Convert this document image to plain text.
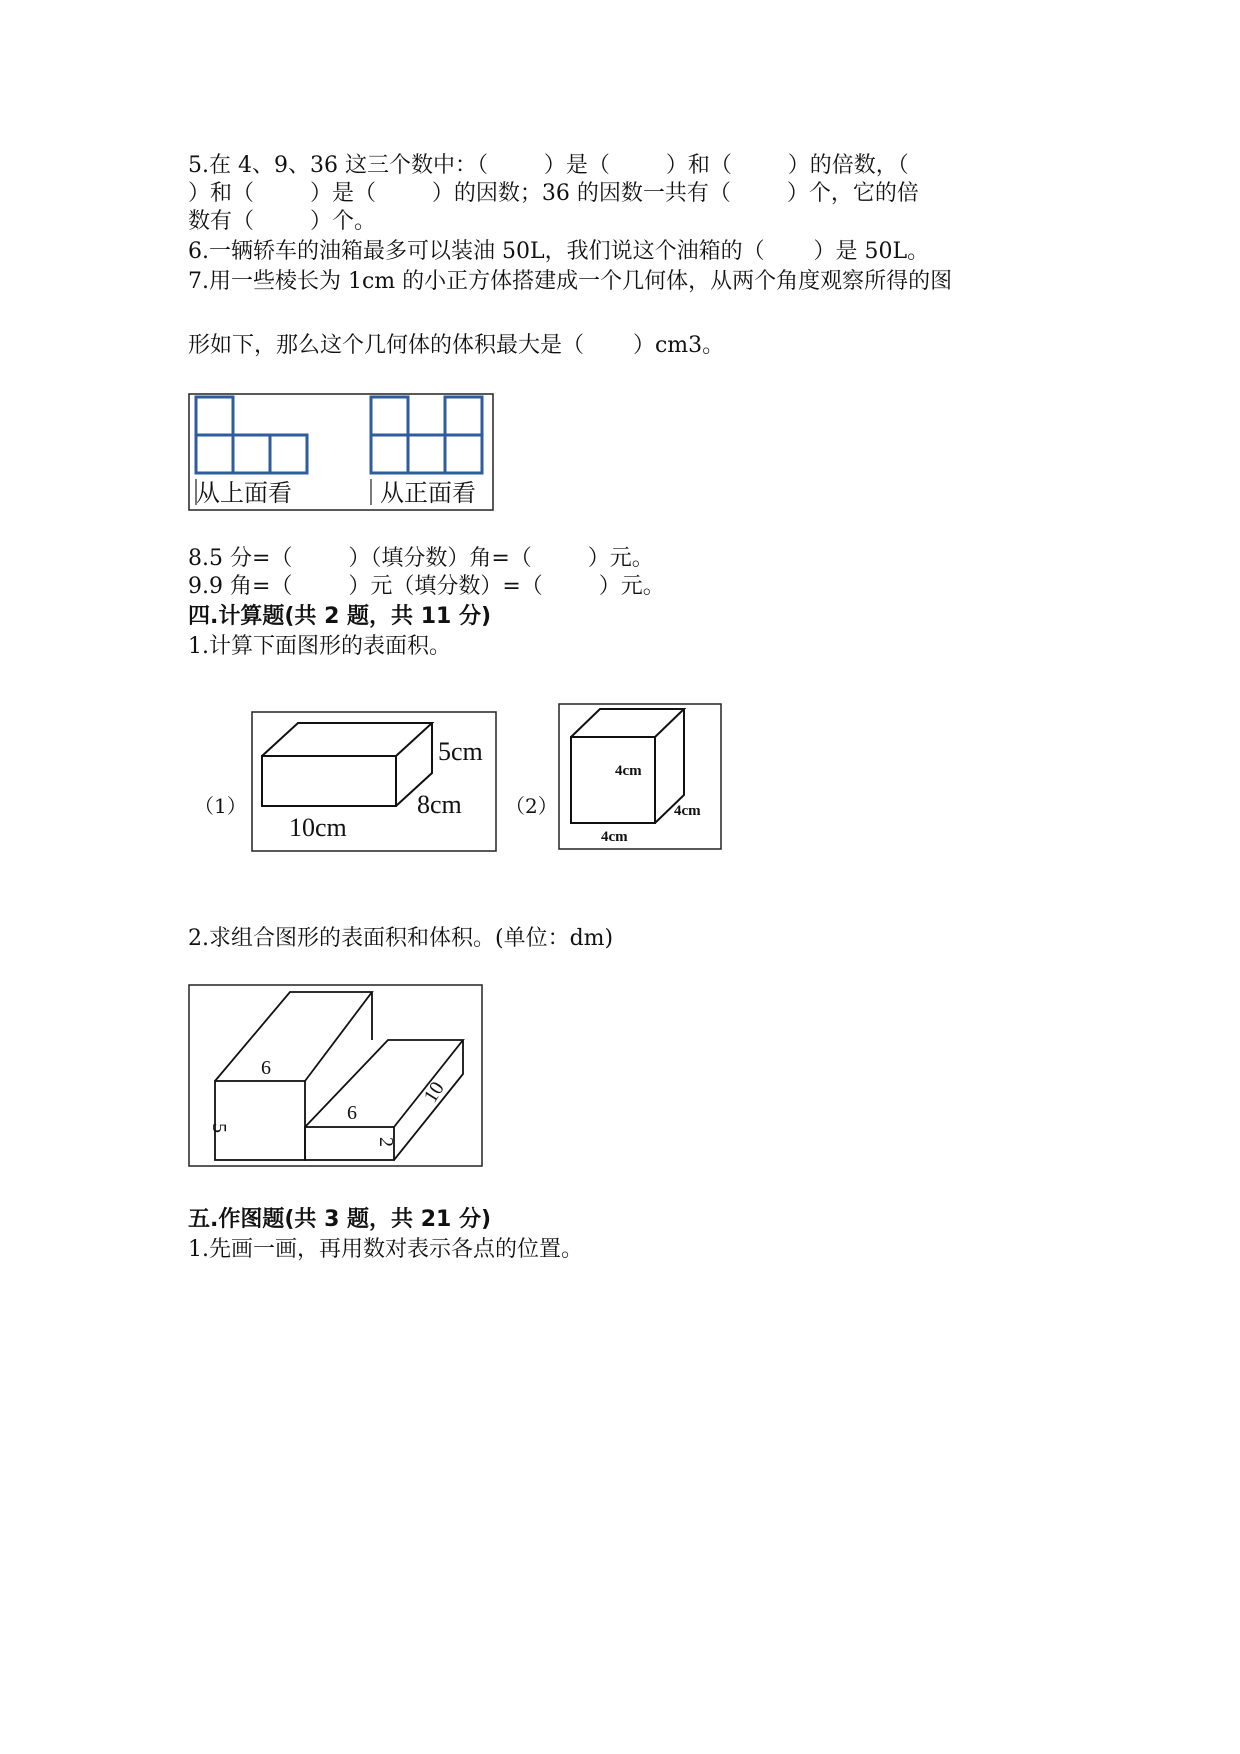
5.在 4、9、36 这三个数中：（        ）是（        ）和（        ）的倍数，（
）和（        ）是（        ）的因数；36 的因数一共有（        ）个，它的倍
数有（        ）个。
6.一辆轿车的油箱最多可以装油 50L，我们说这个油箱的（       ）是 50L。
7.用一些棱长为 1cm 的小正方体搭建成一个几何体，从两个角度观察所得的图
形如下，那么这个几何体的体积最大是（       ）cm3。
从上面看	从正面看
8.5 分=（        ）（填分数）角=（        ）元。
9.9 角=（        ）元（填分数）=（        ）元。
四.计算题(共 2 题，共 11 分)
1.计算下面图形的表面积。
（1）
5cm
8cm
10cm
（2）
4cm
4cm
4cm
2.求组合图形的表面积和体积。(单位：dm)
6
5
6
2
10
五.作图题(共 3 题，共 21 分)
1.先画一画，再用数对表示各点的位置。
